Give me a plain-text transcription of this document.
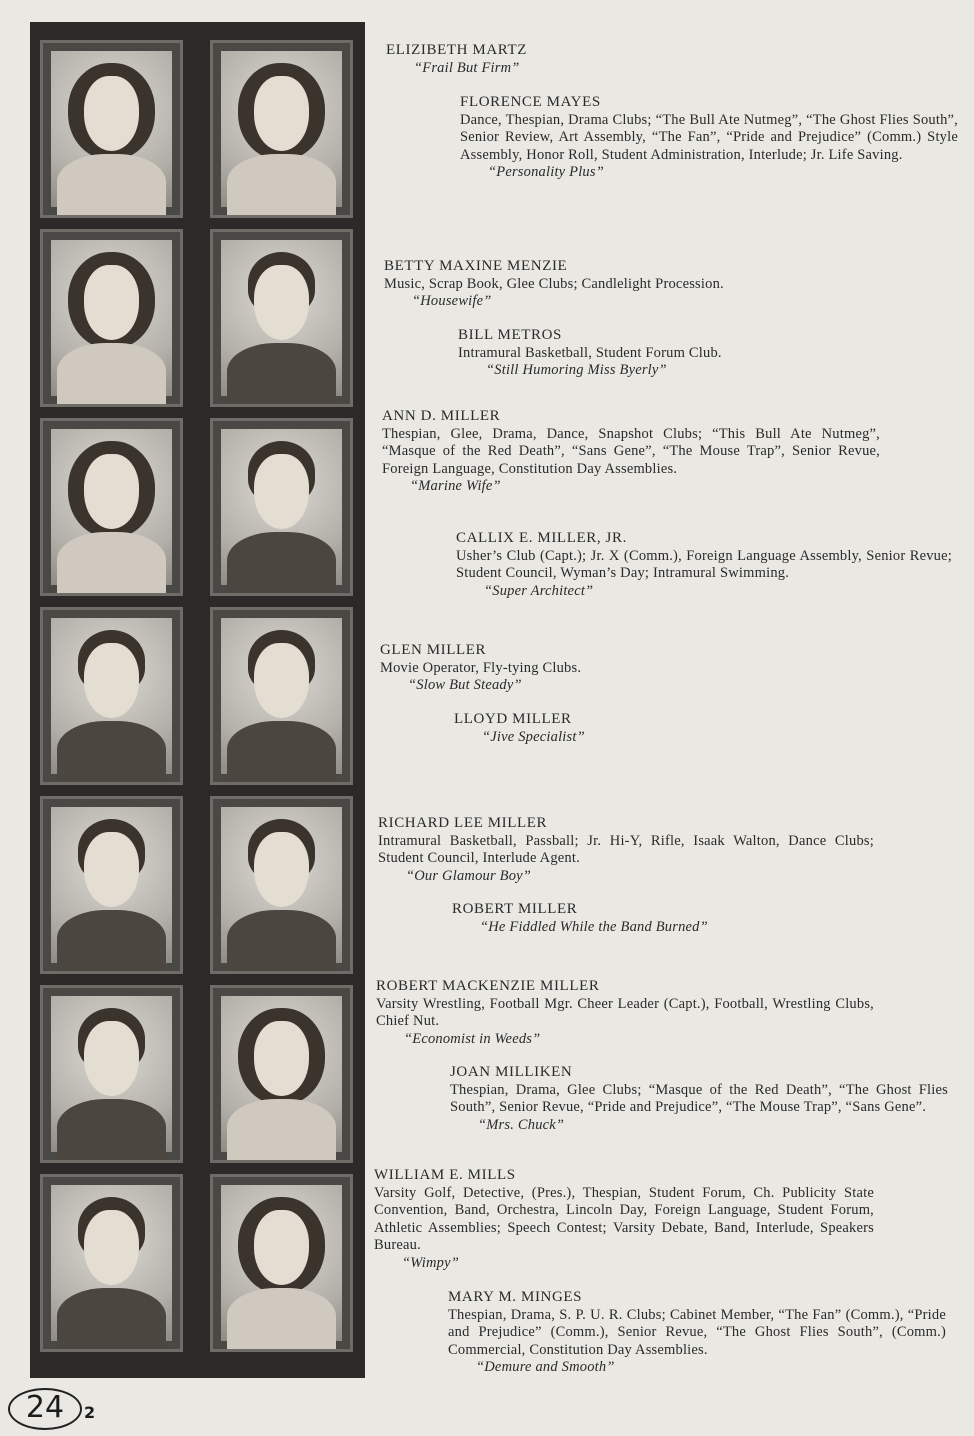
ELIZIBETH MARTZ
“Frail But Firm”
FLORENCE MAYES
Dance, Thespian, Drama Clubs; “The Bull Ate Nutmeg”, “The Ghost Flies South”, Senior Review, Art Assembly, “The Fan”, “Pride and Prejudice” (Comm.) Style Assembly, Honor Roll, Student Administration, Interlude; Jr. Life Saving.
“Personality Plus”
BETTY MAXINE MENZIE
Music, Scrap Book, Glee Clubs; Candlelight Procession.
“Housewife”
BILL METROS
Intramural Basketball, Student Forum Club.
“Still Humoring Miss Byerly”
ANN D. MILLER
Thespian, Glee, Drama, Dance, Snapshot Clubs; “This Bull Ate Nutmeg”, “Masque of the Red Death”, “Sans Gene”, “The Mouse Trap”, Senior Revue, Foreign Language, Constitution Day Assemblies.
“Marine Wife”
CALLIX E. MILLER, JR.
Usher’s Club (Capt.); Jr. X (Comm.), Foreign Language Assembly, Senior Revue; Student Council, Wyman’s Day; Intramural Swimming.
“Super Architect”
GLEN MILLER
Movie Operator, Fly-tying Clubs.
“Slow But Steady”
LLOYD MILLER
“Jive Specialist”
RICHARD LEE MILLER
Intramural Basketball, Passball; Jr. Hi-Y, Rifle, Isaak Walton, Dance Clubs; Student Council, Interlude Agent.
“Our Glamour Boy”
ROBERT MILLER
“He Fiddled While the Band Burned”
ROBERT MACKENZIE MILLER
Varsity Wrestling, Football Mgr. Cheer Leader (Capt.), Football, Wrestling Clubs, Chief Nut.
“Economist in Weeds”
JOAN MILLIKEN
Thespian, Drama, Glee Clubs; “Masque of the Red Death”, “The Ghost Flies South”, Senior Revue, “Pride and Prejudice”, “The Mouse Trap”, “Sans Gene”.
“Mrs. Chuck”
WILLIAM E. MILLS
Varsity Golf, Detective, (Pres.), Thespian, Student Forum, Ch. Publicity State Convention, Band, Orchestra, Lincoln Day, Foreign Language, Student Forum, Athletic Assemblies; Speech Contest; Varsity Debate, Band, Interlude, Speakers Bureau.
“Wimpy”
MARY M. MINGES
Thespian, Drama, S. P. U. R. Clubs; Cabinet Member, “The Fan” (Comm.), “Pride and Prejudice” (Comm.), Senior Revue, “The Ghost Flies South”, (Comm.) Commercial, Constitution Day Assemblies.
“Demure and Smooth”
24	2
